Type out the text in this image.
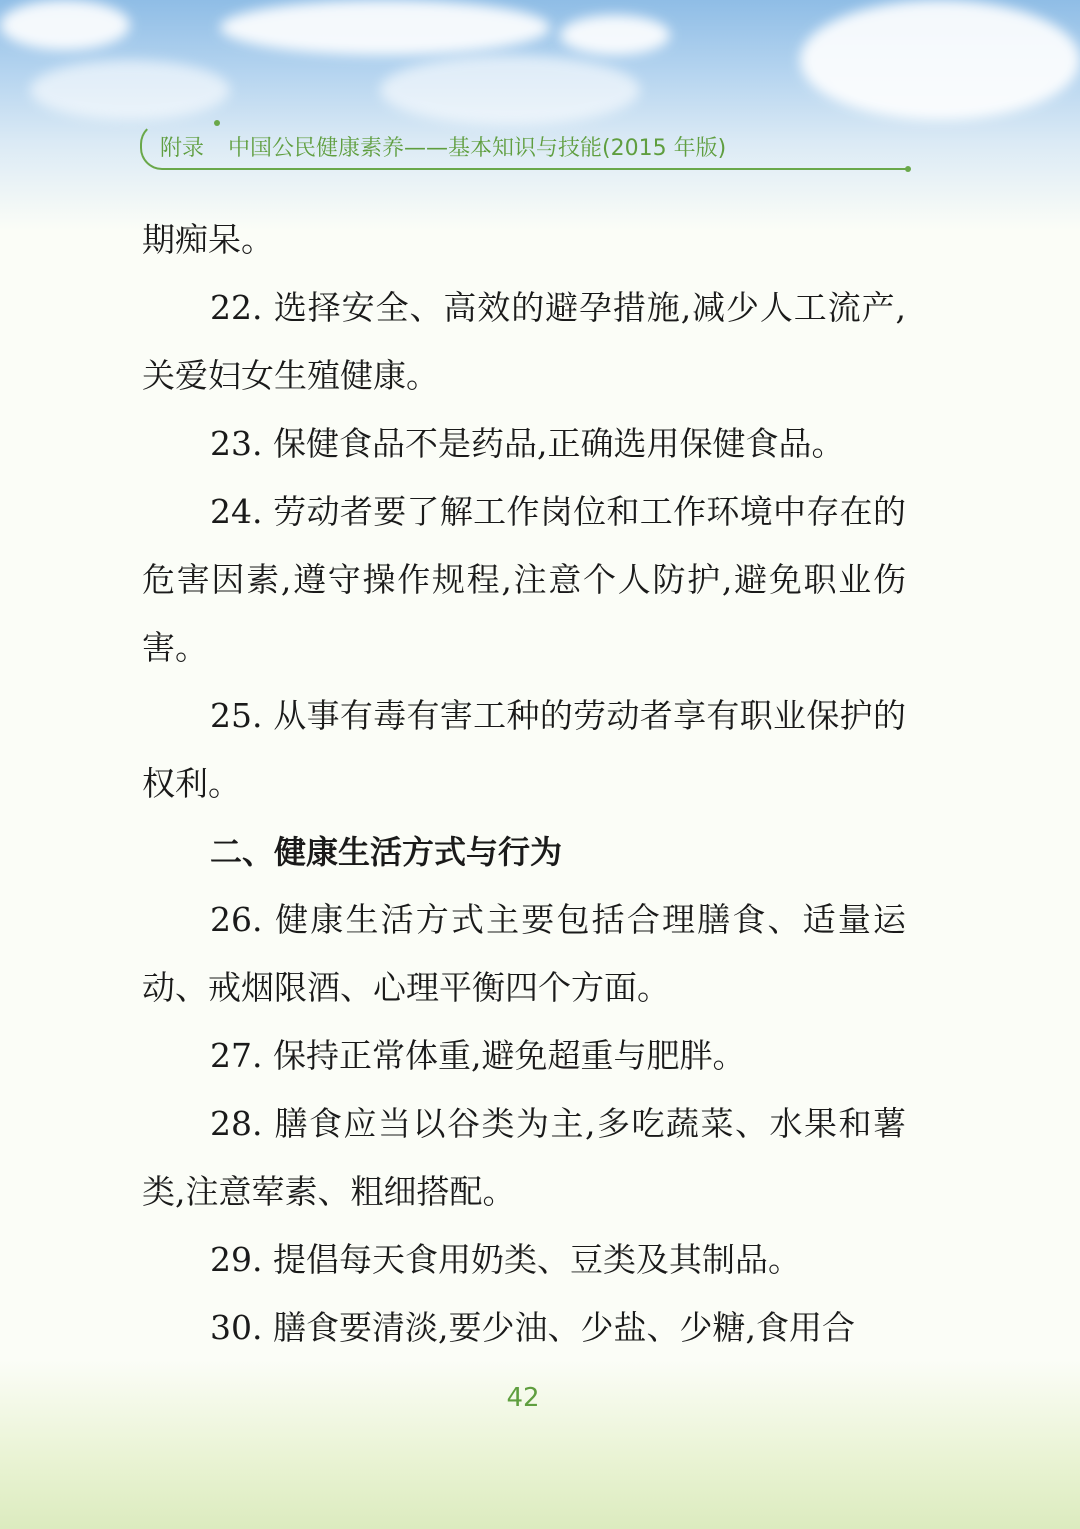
附录 中国公民健康素养——基本知识与技能(2015 年版)

期痴呆。

22. 选择安全、高效的避孕措施,减少人工流产,关爱妇女生殖健康。

23. 保健食品不是药品,正确选用保健食品。

24. 劳动者要了解工作岗位和工作环境中存在的危害因素,遵守操作规程,注意个人防护,避免职业伤害。

25. 从事有毒有害工种的劳动者享有职业保护的权利。

二、健康生活方式与行为

26. 健康生活方式主要包括合理膳食、适量运动、戒烟限酒、心理平衡四个方面。

27. 保持正常体重,避免超重与肥胖。

28. 膳食应当以谷类为主,多吃蔬菜、水果和薯类,注意荤素、粗细搭配。

29. 提倡每天食用奶类、豆类及其制品。

30. 膳食要清淡,要少油、少盐、少糖,食用合

42
